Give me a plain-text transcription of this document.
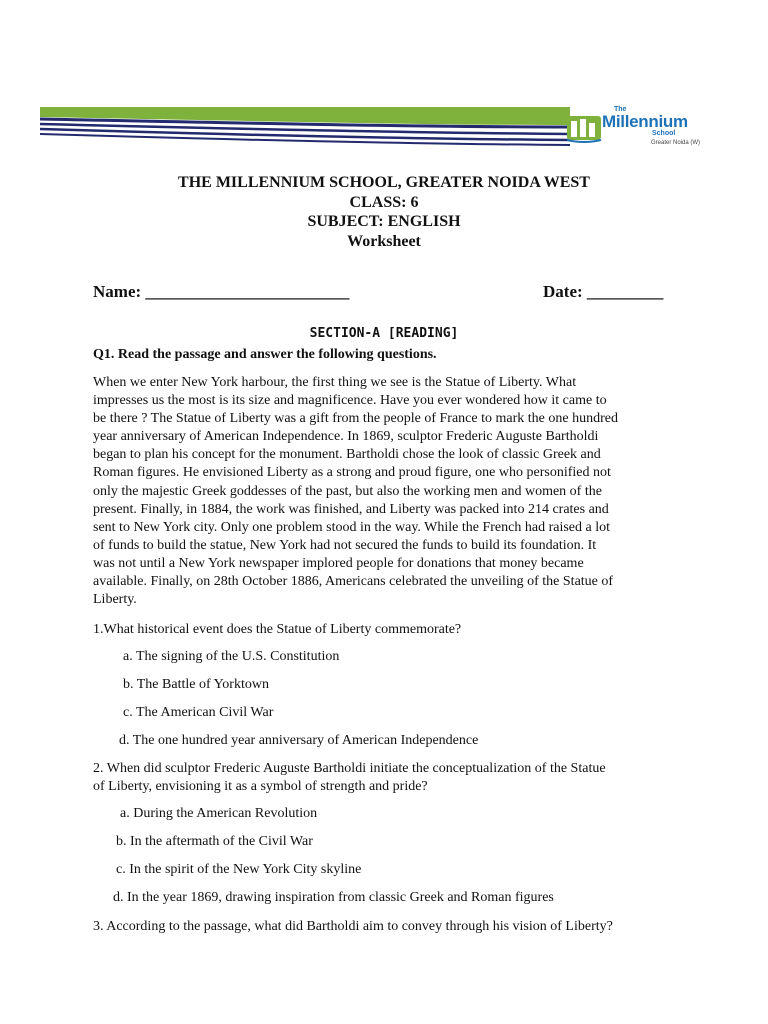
The
Millennium
School
Greater Noida (W)
THE MILLENNIUM SCHOOL, GREATER NOIDA WEST
CLASS: 6
SUBJECT: ENGLISH
Worksheet
Name: ________________________	Date: _________
SECTION-A [READING]
Q1. Read the passage and answer the following questions.
When we enter New York harbour, the first thing we see is the Statue of Liberty. What
impresses us the most is its size and magnificence. Have you ever wondered how it came to
be there ? The Statue of Liberty was a gift from the people of France to mark the one hundred
year anniversary of American Independence. In 1869, sculptor Frederic Auguste Bartholdi
began to plan his concept for the monument. Bartholdi chose the look of classic Greek and
Roman figures. He envisioned Liberty as a strong and proud figure, one who personified not
only the majestic Greek goddesses of the past, but also the working men and women of the
present. Finally, in 1884, the work was finished, and Liberty was packed into 214 crates and
sent to New York city. Only one problem stood in the way. While the French had raised a lot
of funds to build the statue, New York had not secured the funds to build its foundation. It
was not until a New York newspaper implored people for donations that money became
available. Finally, on 28th October 1886, Americans celebrated the unveiling of the Statue of
Liberty.
1.What historical event does the Statue of Liberty commemorate?
a. The signing of the U.S. Constitution
b. The Battle of Yorktown
c. The American Civil War
d. The one hundred year anniversary of American Independence
2. When did sculptor Frederic Auguste Bartholdi initiate the conceptualization of the Statue
of Liberty, envisioning it as a symbol of strength and pride?
a. During the American Revolution
b. In the aftermath of the Civil War
c. In the spirit of the New York City skyline
d. In the year 1869, drawing inspiration from classic Greek and Roman figures
3. According to the passage, what did Bartholdi aim to convey through his vision of Liberty?
